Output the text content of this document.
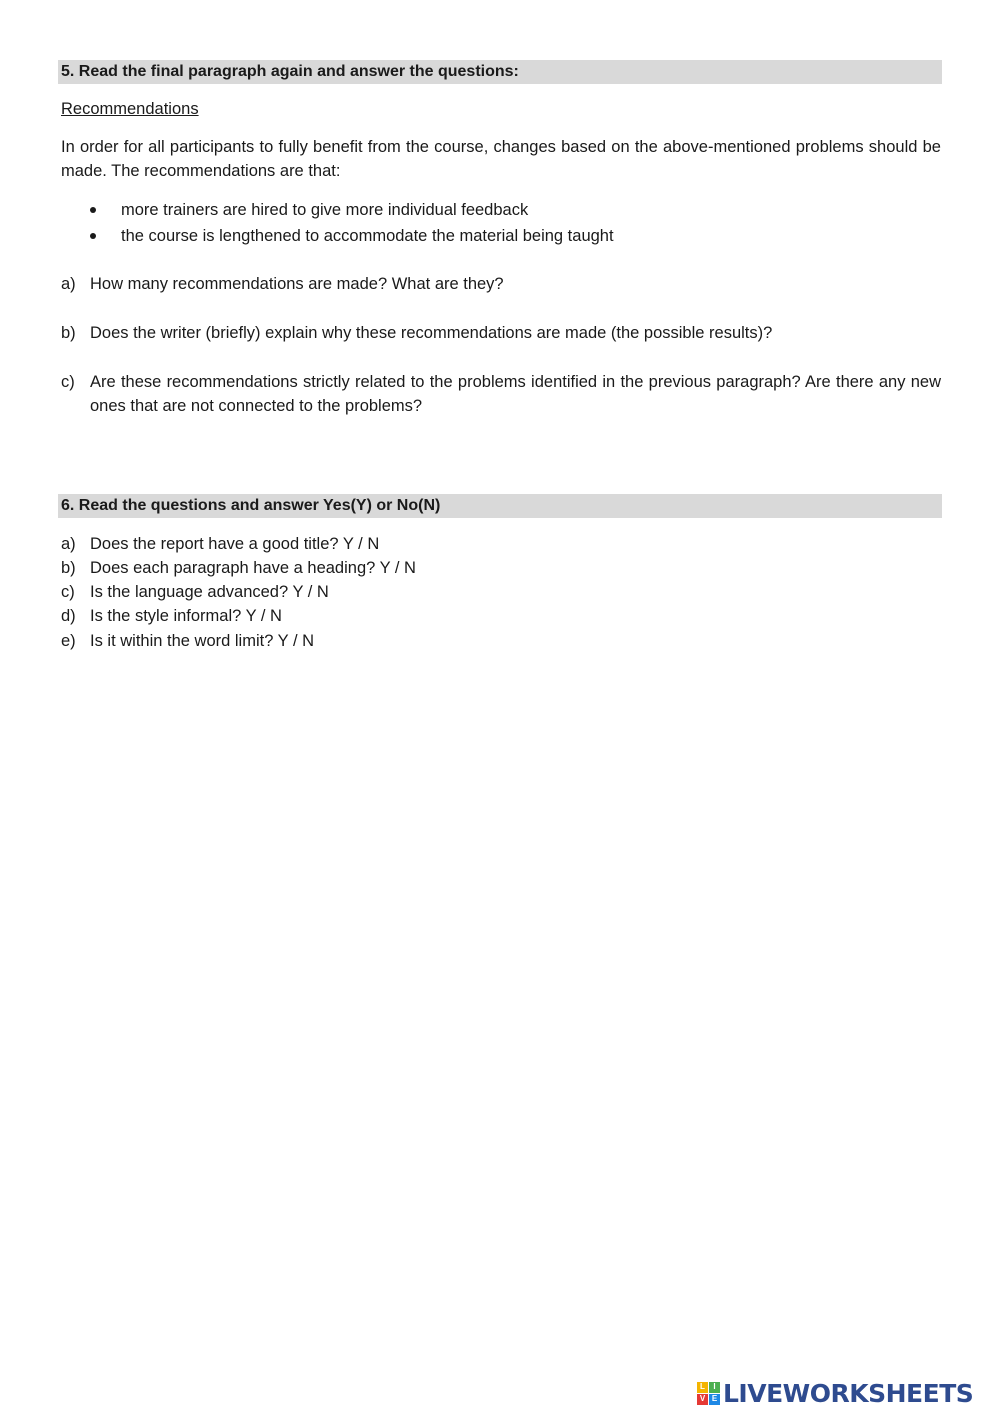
5. Read the final paragraph again and answer the questions:
Recommendations
In order for all participants to fully benefit from the course, changes based on the above-mentioned problems should be made. The recommendations are that:
more trainers are hired to give more individual feedback
the course is lengthened to accommodate the material being taught
a) How many recommendations are made? What are they?
b) Does the writer (briefly) explain why these recommendations are made (the possible results)?
c) Are these recommendations strictly related to the problems identified in the previous paragraph? Are there any new ones that are not connected to the problems?
6. Read the questions and answer Yes(Y) or No(N)
a) Does the report have a good title? Y / N
b) Does each paragraph have a heading? Y / N
c) Is the language advanced? Y / N
d) Is the style informal? Y / N
e) Is it within the word limit? Y / N
L	I
V E LIVEWORKSHEETS
